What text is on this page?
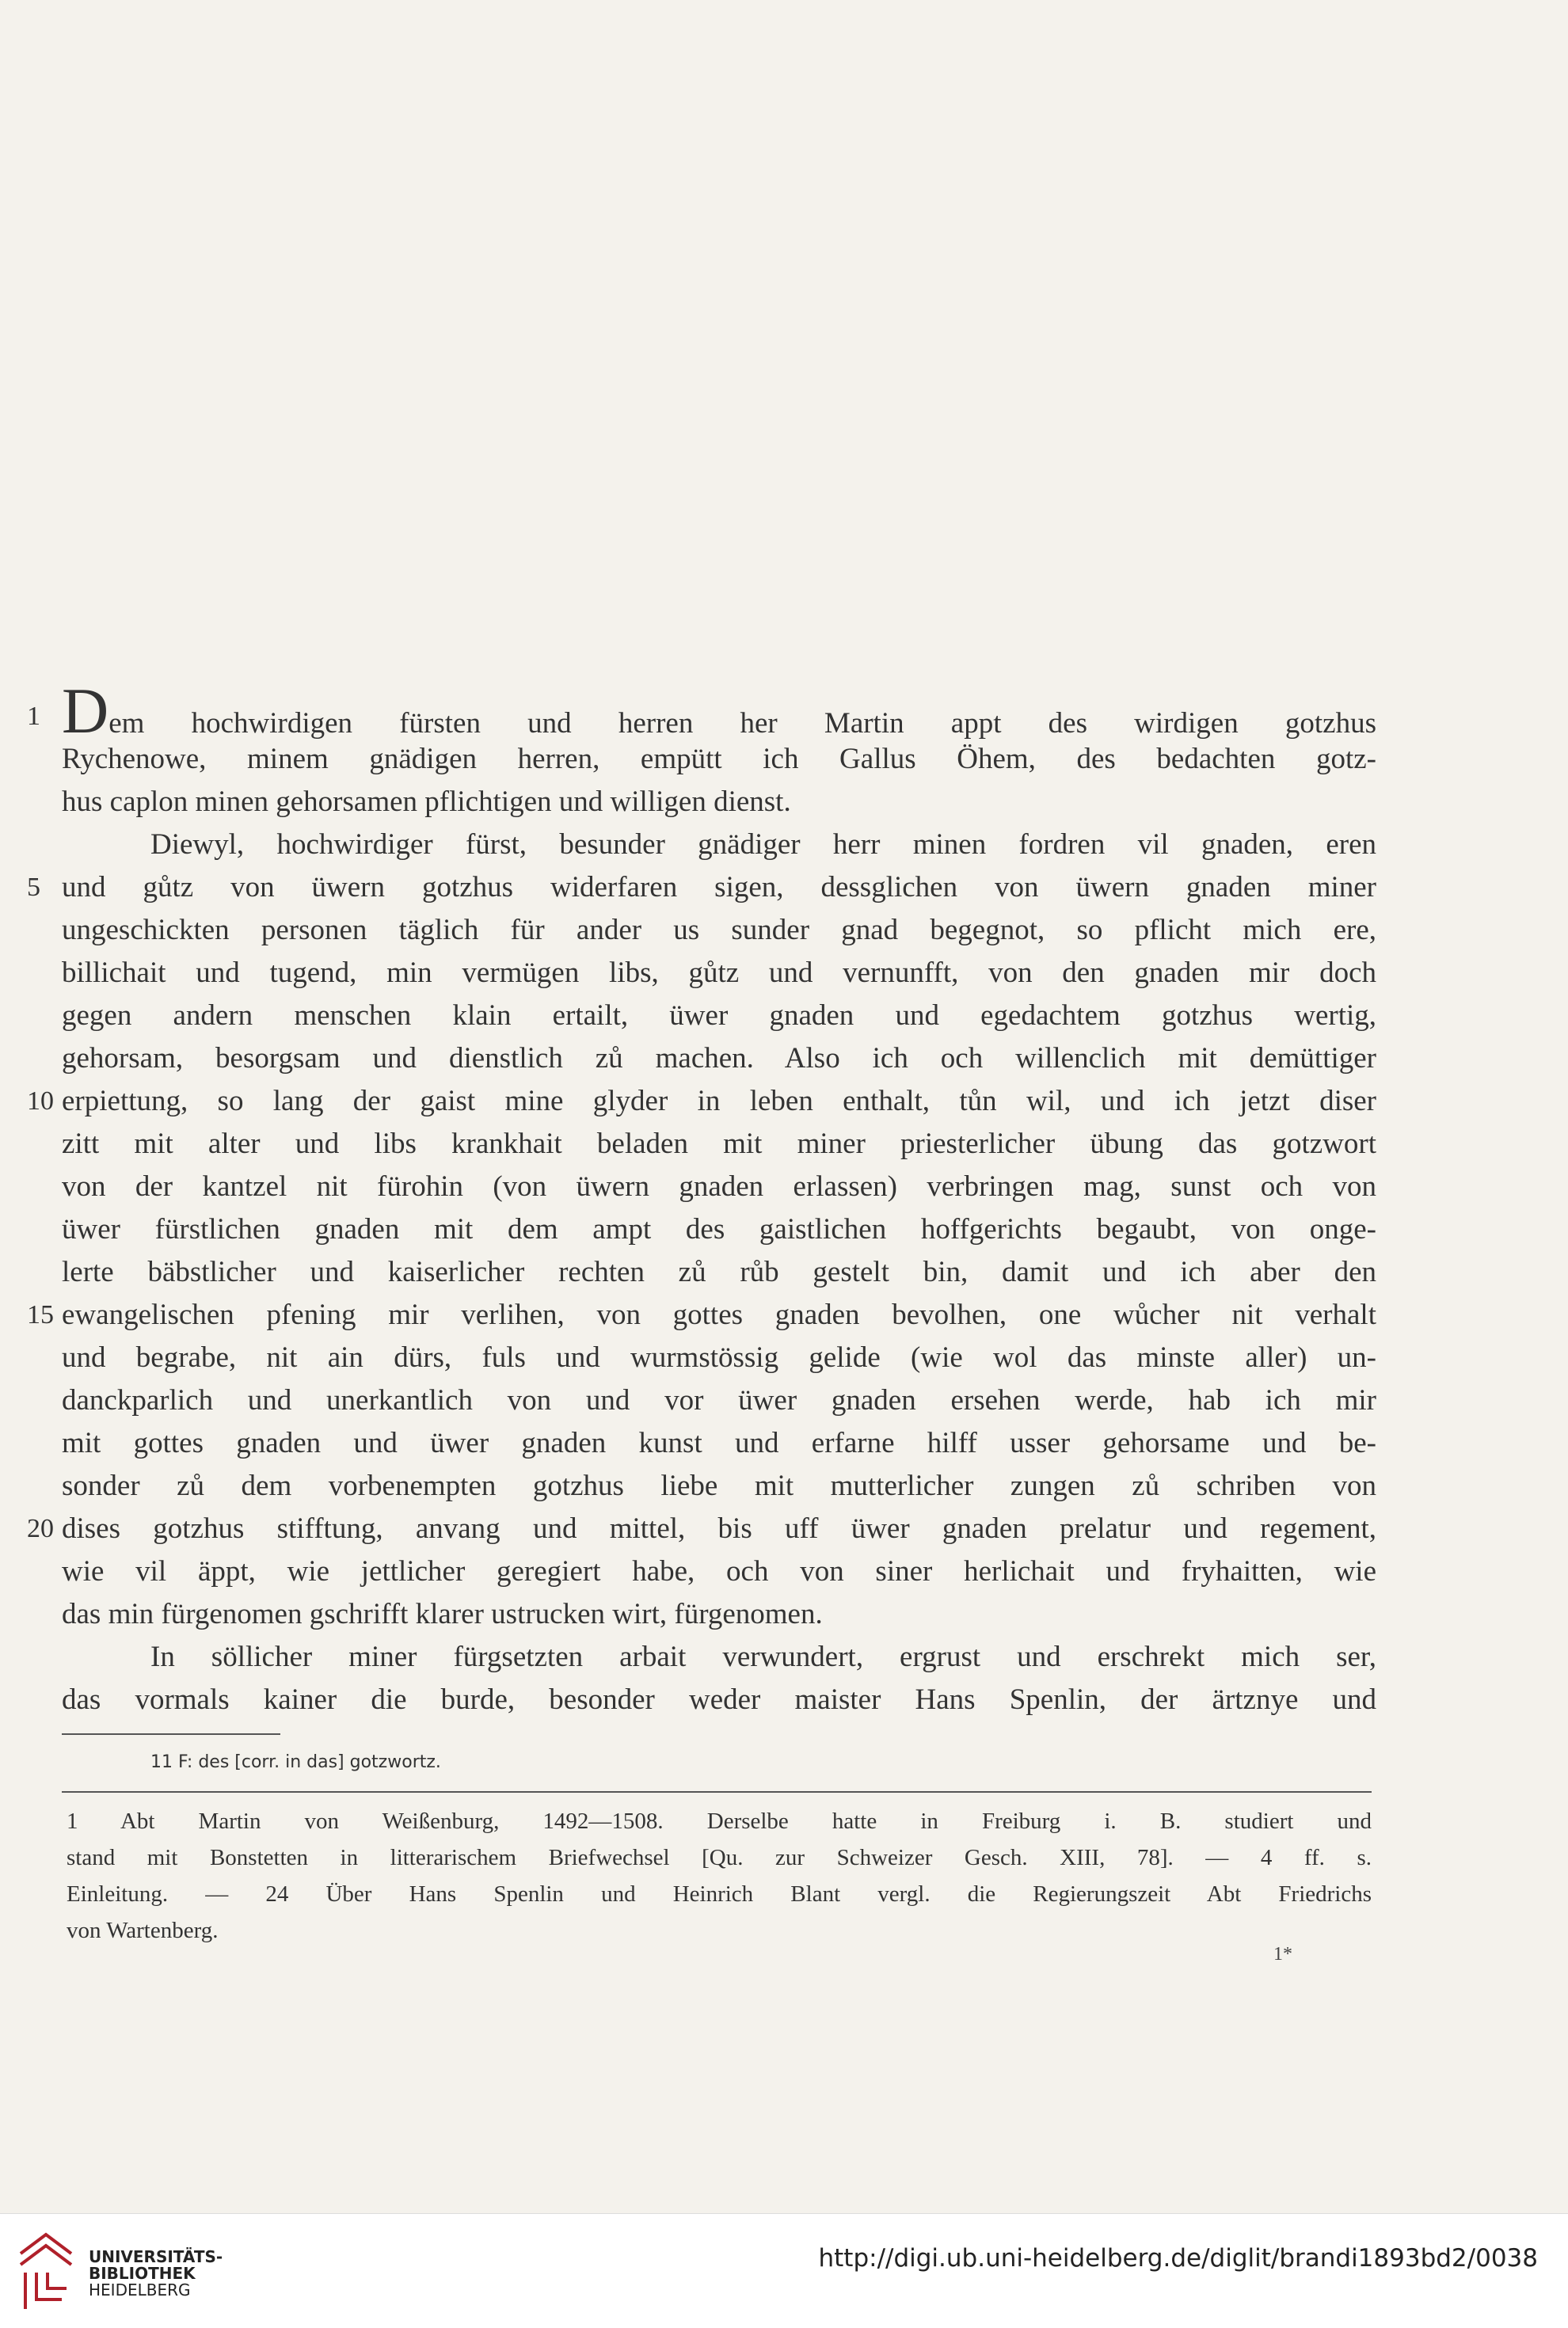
1 Dem hochwirdigen fürsten und herren her Martin appt des wirdigen gotzhus
Rychenowe, minem gnädigen herren, empütt ich Gallus Öhem, des bedachten gotz-
hus caplon minen gehorsamen pflichtigen und willigen dienst.
Diewyl, hochwirdiger fürst, besunder gnädiger herr minen fordren vil gnaden, eren
5 und gůtz von üwern gotzhus widerfaren sigen, dessglichen von üwern gnaden miner
ungeschickten personen täglich für ander us sunder gnad begegnot, so pflicht mich ere,
billichait und tugend, min vermügen libs, gůtz und vernunfft, von den gnaden mir doch
gegen andern menschen klain ertailt, üwer gnaden und egedachtem gotzhus wertig,
gehorsam, besorgsam und dienstlich zů machen. Also ich och willenclich mit demüttiger
10 erpiettung, so lang der gaist mine glyder in leben enthalt, tůn wil, und ich jetzt diser
zitt mit alter und libs krankhait beladen mit miner priesterlicher übung das gotzwort
von der kantzel nit fürohin (von üwern gnaden erlassen) verbringen mag, sunst och von
üwer fürstlichen gnaden mit dem ampt des gaistlichen hoffgerichts begaubt, von onge-
lerte bäbstlicher und kaiserlicher rechten zů růb gestelt bin, damit und ich aber den
15 ewangelischen pfening mir verlihen, von gottes gnaden bevolhen, one wůcher nit verhalt
und begrabe, nit ain dürs, fuls und wurmstössig gelide (wie wol das minste aller) un-
danckparlich und unerkantlich von und vor üwer gnaden ersehen werde, hab ich mir
mit gottes gnaden und üwer gnaden kunst und erfarne hilff usser gehorsame und be-
sonder zů dem vorbenempten gotzhus liebe mit mutterlicher zungen zů schriben von
20 dises gotzhus stifftung, anvang und mittel, bis uff üwer gnaden prelatur und regement,
wie vil äppt, wie jettlicher geregiert habe, och von siner herlichait und fryhaitten, wie
das min fürgenomen gschrifft klarer ustrucken wirt, fürgenomen.
In söllicher miner fürgsetzten arbait verwundert, ergrust und erschrekt mich ser,
das vormals kainer die burde, besonder weder maister Hans Spenlin, der ärtznye und
11 F: des [corr. in das] gotzwortz.
1 Abt Martin von Weißenburg, 1492—1508. Derselbe hatte in Freiburg i. B. studiert und
stand mit Bonstetten in litterarischem Briefwechsel [Qu. zur Schweizer Gesch. XIII, 78]. — 4 ff. s.
Einleitung. — 24 Über Hans Spenlin und Heinrich Blant vergl. die Regierungszeit Abt Friedrichs
von Wartenberg.
1*
UNIVERSITÄTS-
BIBLIOTHEK
HEIDELBERG
http://digi.ub.uni-heidelberg.de/diglit/brandi1893bd2/0038
